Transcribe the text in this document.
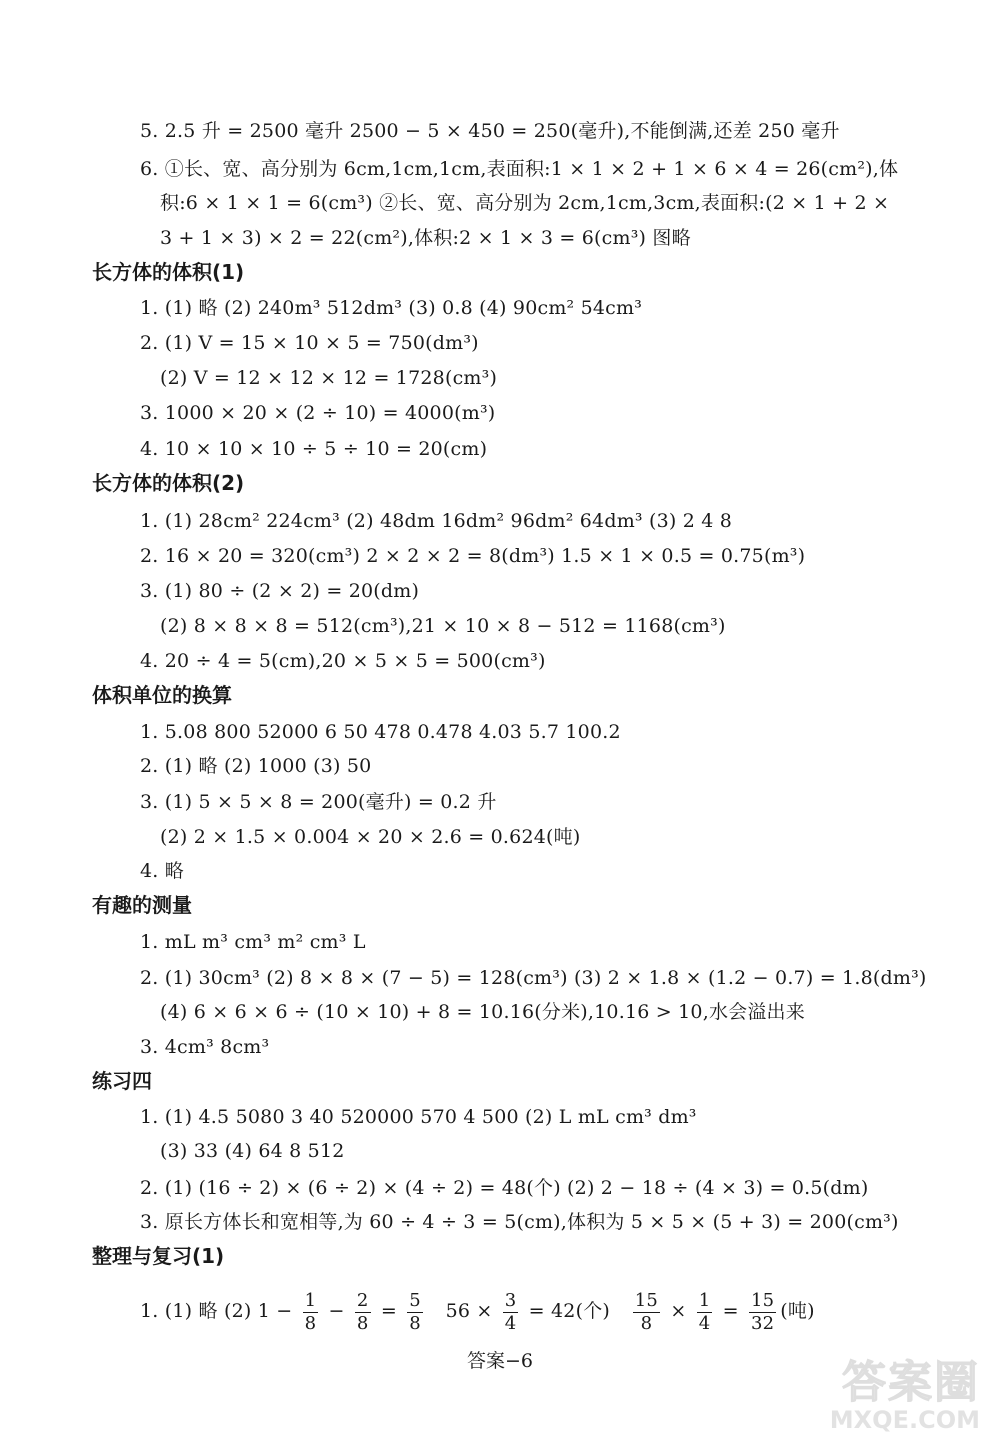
5. 2.5 升 = 2500 毫升 2500 − 5 × 450 = 250(毫升),不能倒满,还差 250 毫升
6. ①长、宽、高分别为 6cm,1cm,1cm,表面积:1 × 1 × 2 + 1 × 6 × 4 = 26(cm²),体
积:6 × 1 × 1 = 6(cm³) ②长、宽、高分别为 2cm,1cm,3cm,表面积:(2 × 1 + 2 ×
3 + 1 × 3) × 2 = 22(cm²),体积:2 × 1 × 3 = 6(cm³) 图略
长方体的体积(1)
1. (1) 略 (2) 240m³ 512dm³ (3) 0.8 (4) 90cm² 54cm³
2. (1) V = 15 × 10 × 5 = 750(dm³)
(2) V = 12 × 12 × 12 = 1728(cm³)
3. 1000 × 20 × (2 ÷ 10) = 4000(m³)
4. 10 × 10 × 10 ÷ 5 ÷ 10 = 20(cm)
长方体的体积(2)
1. (1) 28cm² 224cm³ (2) 48dm 16dm² 96dm² 64dm³ (3) 2 4 8
2. 16 × 20 = 320(cm³) 2 × 2 × 2 = 8(dm³) 1.5 × 1 × 0.5 = 0.75(m³)
3. (1) 80 ÷ (2 × 2) = 20(dm)
(2) 8 × 8 × 8 = 512(cm³),21 × 10 × 8 − 512 = 1168(cm³)
4. 20 ÷ 4 = 5(cm),20 × 5 × 5 = 500(cm³)
体积单位的换算
1. 5.08 800 52000 6 50 478 0.478 4.03 5.7 100.2
2. (1) 略 (2) 1000 (3) 50
3. (1) 5 × 5 × 8 = 200(毫升) = 0.2 升
(2) 2 × 1.5 × 0.004 × 20 × 2.6 = 0.624(吨)
4. 略
有趣的测量
1. mL m³ cm³ m² cm³ L
2. (1) 30cm³ (2) 8 × 8 × (7 − 5) = 128(cm³) (3) 2 × 1.8 × (1.2 − 0.7) = 1.8(dm³)
(4) 6 × 6 × 6 ÷ (10 × 10) + 8 = 10.16(分米),10.16 > 10,水会溢出来
3. 4cm³ 8cm³
练习四
1. (1) 4.5 5080 3 40 520000 570 4 500 (2) L mL cm³ dm³
(3) 33 (4) 64 8 512
2. (1) (16 ÷ 2) × (6 ÷ 2) × (4 ÷ 2) = 48(个) (2) 2 − 18 ÷ (4 × 3) = 0.5(dm)
3. 原长方体长和宽相等,为 60 ÷ 4 ÷ 3 = 5(cm),体积为 5 × 5 × (5 + 3) = 200(cm³)
整理与复习(1)
1. (1) 略 (2) $1 - \frac{1}{8} - \frac{2}{8} = \frac{5}{8} 56 \times \frac{3}{4} = 42$(个) $\frac{15}{8} \times \frac{1}{4} = \frac{15}{32}$ (吨)
答案−6	答案圈
MXQE.COM
